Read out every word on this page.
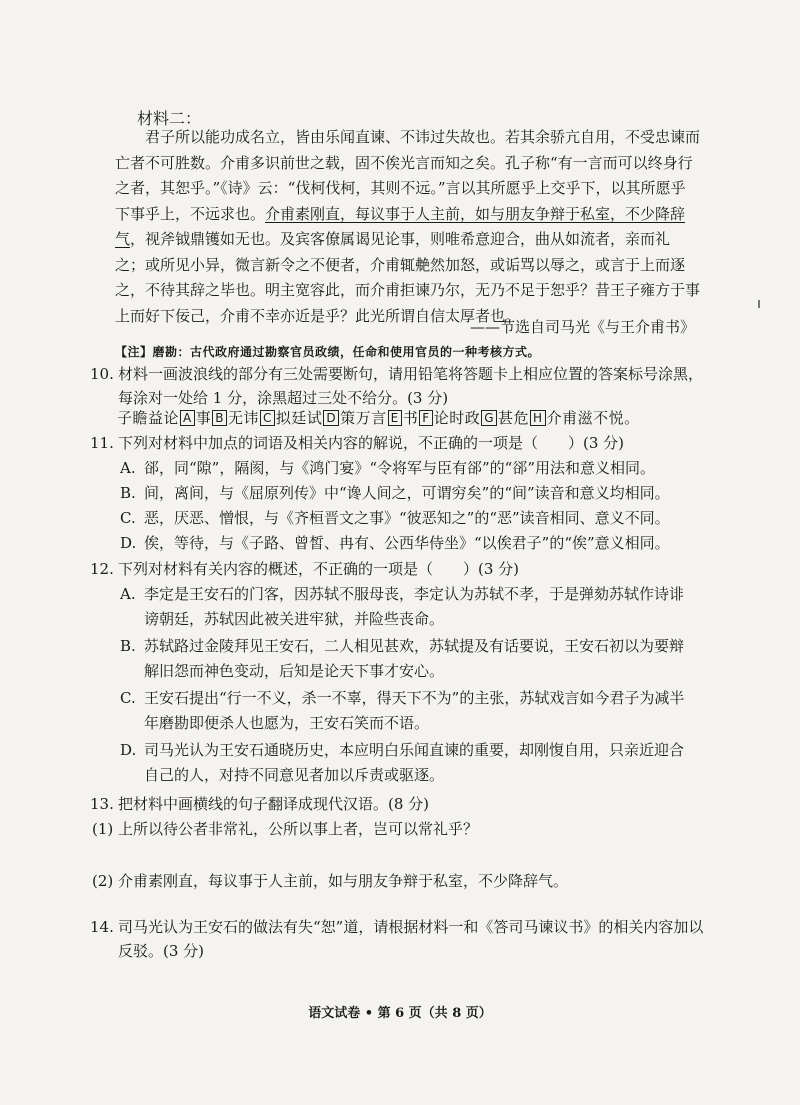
材料二：

君子所以能功成名立，皆由乐闻直谏、不讳过失故也。若其余骄亢自用，不受忠谏而亡者不可胜数。介甫多识前世之载，固不俟光言而知之矣。孔子称“有一言而可以终身行之者，其恕乎。”《诗》云：“伐柯伐柯，其则不远。”言以其所愿乎上交乎下，以其所愿乎下事乎上，不远求也。介甫素刚直，每议事于人主前，如与朋友争辩于私室，不少降辞气，视斧钺鼎镬如无也。及宾客僚属谒见论事，则唯希意迎合，曲从如流者，亲而礼之；或所见小异，微言新令之不便者，介甫辄艴然加怒，或诟骂以辱之，或言于上而逐之，不待其辞之毕也。明主宽容此，而介甫拒谏乃尔，无乃不足于恕乎？昔王子雍方于事上而好下佞己，介甫不幸亦近是乎？此光所谓自信太厚者也。

——节选自司马光《与王介甫书》
【注】磨勘：古代政府通过勘察官员政绩，任命和使用官员的一种考核方式。
10. 材料一画波浪线的部分有三处需要断句，请用铅笔将答题卡上相应位置的答案标号涂黑，每涂对一处给 1 分，涂黑超过三处不给分。(3 分)
子瞻益论 A 事 B 无讳 C 拟廷试 D 策万言 E 书 F 论时政 G 甚危 H 介甫滋不悦。
11. 下列对材料中加点的词语及相关内容的解说，不正确的一项是（　　）(3 分)
A. 郤，同“隙”，隔阂，与《鸿门宴》“令将军与臣有郤”的“郤”用法和意义相同。
B. 间，离间，与《屈原列传》中“谗人间之，可谓穷矣”的“间”读音和意义均相同。
C. 恶，厌恶、憎恨，与《齐桓晋文之事》“彼恶知之”的“恶”读音相同、意义不同。
D. 俟，等待，与《子路、曾皙、冉有、公西华侍坐》“以俟君子”的“俟”意义相同。
12. 下列对材料有关内容的概述，不正确的一项是（　　）(3 分)
A. 李定是王安石的门客，因苏轼不服母丧，李定认为苏轼不孝，于是弹劾苏轼作诗诽谤朝廷，苏轼因此被关进牢狱，并险些丧命。
B. 苏轼路过金陵拜见王安石，二人相见甚欢，苏轼提及有话要说，王安石初以为要辩解旧怨而神色变动，后知是论天下事才安心。
C. 王安石提出“行一不义，杀一不辜，得天下不为”的主张，苏轼戏言如今君子为减半年磨勘即便杀人也愿为，王安石笑而不语。
D. 司马光认为王安石通晓历史，本应明白乐闻直谏的重要，却刚愎自用，只亲近迎合自己的人，对持不同意见者加以斥责或驱逐。
13. 把材料中画横线的句子翻译成现代汉语。(8 分)
(1) 上所以待公者非常礼，公所以事上者，岂可以常礼乎？
(2) 介甫素刚直，每议事于人主前，如与朋友争辩于私室，不少降辞气。
14. 司马光认为王安石的做法有失“恕”道，请根据材料一和《答司马谏议书》的相关内容加以反驳。(3 分)
语文试卷 • 第 6 页（共 8 页）
